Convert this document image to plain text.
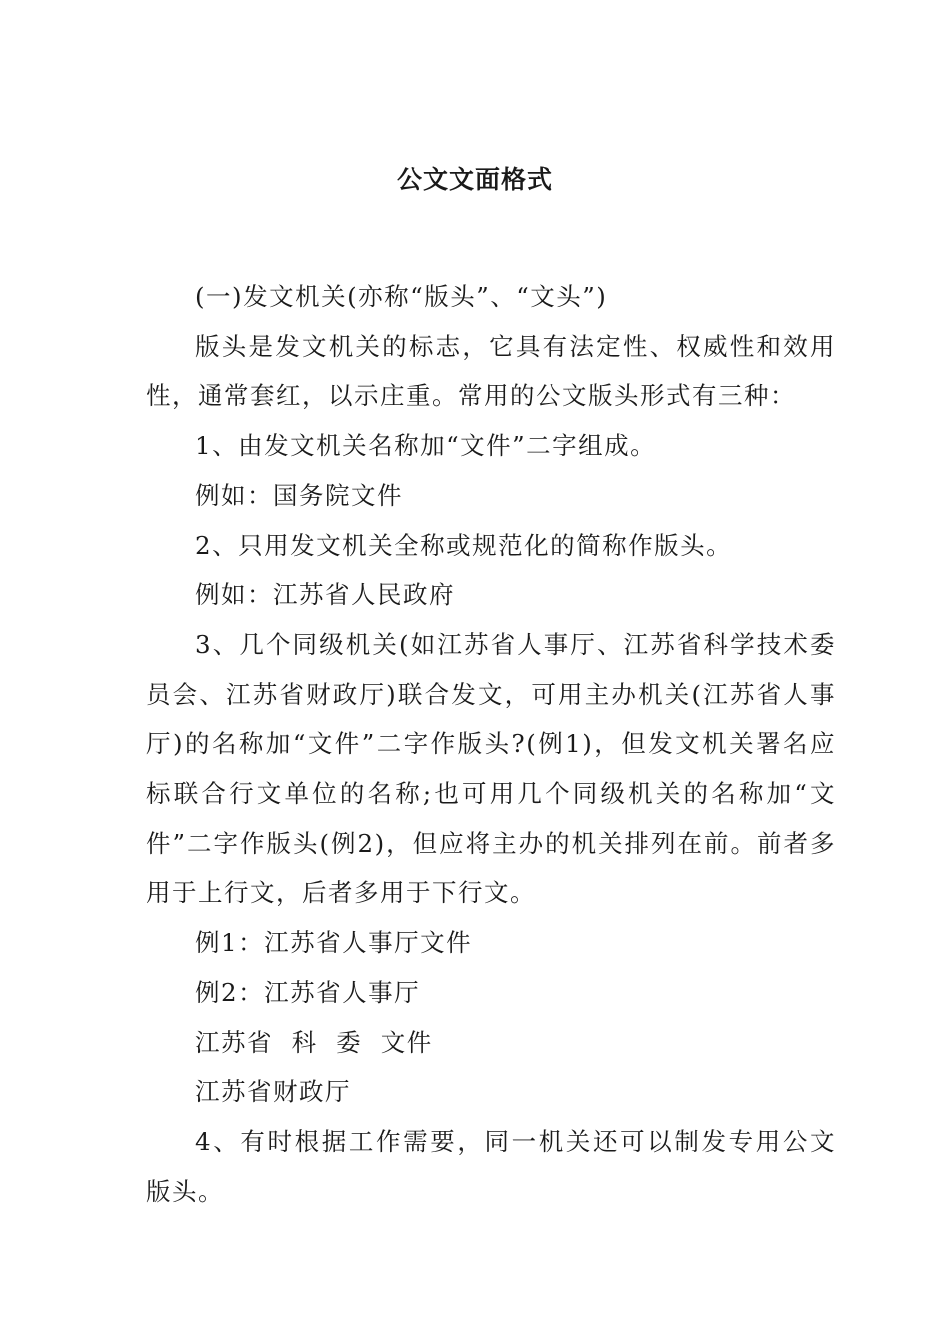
公文文面格式

(一)发文机关(亦称“版头”、“文头”)

版头是发文机关的标志，它具有法定性、权威性和效用性，通常套红，以示庄重。常用的公文版头形式有三种：

1、由发文机关名称加“文件”二字组成。

例如：国务院文件

2、只用发文机关全称或规范化的简称作版头。

例如：江苏省人民政府

3、几个同级机关(如江苏省人事厅、江苏省科学技术委员会、江苏省财政厅)联合发文，可用主办机关(江苏省人事厅)的名称加“文件”二字作版头?(例1)，但发文机关署名应标联合行文单位的名称;也可用几个同级机关的名称加“文件”二字作版头(例2)，但应将主办的机关排列在前。前者多用于上行文，后者多用于下行文。

例1：江苏省人事厅文件

例2：江苏省人事厅

江苏省  科  委  文件

江苏省财政厅

4、有时根据工作需要，同一机关还可以制发专用公文版头。
